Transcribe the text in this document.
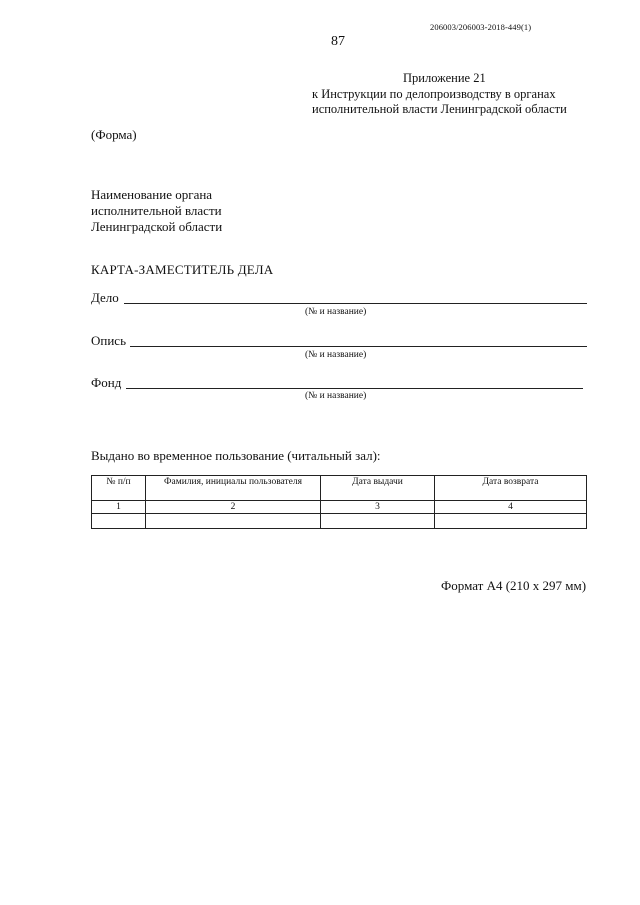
206003/206003-2018-449(1)
87
Приложение 21
к Инструкции по делопроизводству в органах
исполнительной власти Ленинградской области
(Форма)
Наименование органа
исполнительной власти
Ленинградской области
КАРТА-ЗАМЕСТИТЕЛЬ ДЕЛА
Дело
(№ и название)
Опись
(№ и название)
Фонд
(№ и название)
Выдано во временное пользование (читальный зал):
№ п/п	Фамилия, инициалы пользователя	Дата выдачи	Дата возврата
1	2	3	4

Формат А4 (210 х 297 мм)
